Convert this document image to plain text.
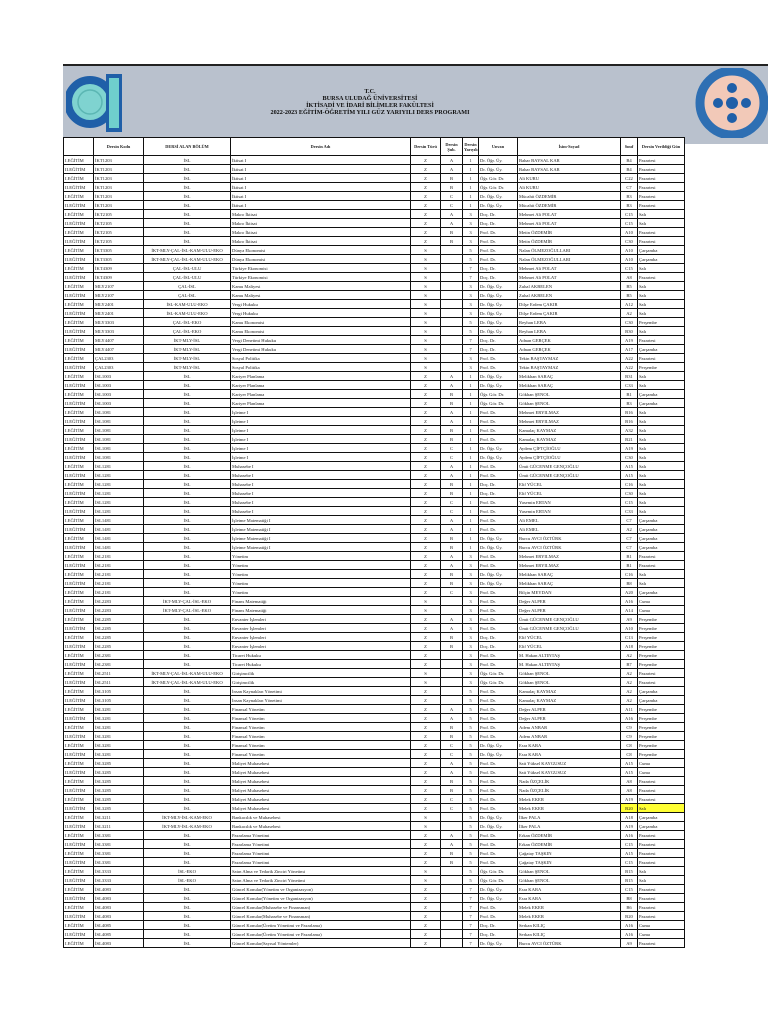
T.C.
BURSA ULUDAĞ ÜNİVERSİTESİ
İKTİSADİ VE İDARİ BİLİMLER FAKÜLTESİ
2022-2023 EĞİTİM-ÖĞRETİM YILI GÜZ YARIYILI DERS PROGRAMI
	Dersin Kodu	DERSİ ALAN BÖLÜM	Dersin Adı	Dersin Türü	Dersin Şub.	Dersin Yarıyılı	Unvan	İsim-Soyad	Sınıf	Dersin Verildiği Gün
I.EĞİTİM	İKT1203	İSL	İktisat I	Z	A	1	Dr. Öğr. Üy.	Bahar BAYSAL KAR	B4	Pazartesi
II.EĞİTİM	İKT1203	İSL	İktisat I	Z	A	1	Dr. Öğr. Üy.	Bahar BAYSAL KAR	B4	Pazartesi
I.EĞİTİM	İKT1203	İSL	İktisat I	Z	B	1	Öğr. Gör. Dr.	Ali KURU	C22	Pazartesi
II.EĞİTİM	İKT1203	İSL	İktisat I	Z	B	1	Öğr. Gör. Dr.	Ali KURU	C7	Pazartesi
I.EĞİTİM	İKT1203	İSL	İktisat I	Z	C	1	Dr. Öğr. Üy.	Mücahit ÖZDEMİR	B3	Pazartesi
II.EĞİTİM	İKT1203	İSL	İktisat I	Z	C	1	Dr. Öğr. Üy.	Mücahit ÖZDEMİR	B3	Pazartesi
I.EĞİTİM	İKT2105	İSL	Makro İktisat	Z	A	3	Doç. Dr.	Mehmet Ali POLAT	C15	Salı
II.EĞİTİM	İKT2105	İSL	Makro İktisat	Z	A	3	Doç. Dr.	Mehmet Ali POLAT	C15	Salı
I.EĞİTİM	İKT2105	İSL	Makro İktisat	Z	B	3	Prof. Dr.	Metin ÖZDEMİR	A10	Pazartesi
II.EĞİTİM	İKT2105	İSL	Makro İktisat	Z	B	3	Prof. Dr.	Metin ÖZDEMİR	C30	Pazartesi
I.EĞİTİM	İKT3305	İKT-MLY-ÇAL-İSL-KAM-ULU-EKO	Dünya Ekonomisi	S		5	Prof. Dr.	Nalan ÖLMEZOĞULLARI	A10	Çarşamba
II.EĞİTİM	İKT3305	İKT-MLY-ÇAL-İSL-KAM-ULU-EKO	Dünya Ekonomisi	S		5	Prof. Dr.	Nalan ÖLMEZOĞULLARI	A10	Çarşamba
I.EĞİTİM	İKT4309	ÇAL-İSL-ULU	Türkiye Ekonomisi	S		7	Doç. Dr.	Mehmet Ali POLAT	C15	Salı
II.EĞİTİM	İKT4309	ÇAL-İSL-ULU	Türkiye Ekonomisi	S		7	Doç. Dr.	Mehmet Ali POLAT	A8	Pazartesi
I.EĞİTİM	MLY2107	ÇAL-İSL	Kamu Maliyesi	S		3	Dr. Öğr. Üy.	Zuhal AKBELEN	B5	Salı
II.EĞİTİM	MLY2107	ÇAL-İSL	Kamu Maliyesi	S		3	Dr. Öğr. Üy.	Zuhal AKBELEN	B5	Salı
I.EĞİTİM	MLY2401	İSL-KAM-ULU-EKO	Vergi Hukuku	S		3	Dr. Öğr. Üy.	Dilşe Erdem ÇAKIR	A12	Salı
II.EĞİTİM	MLY2401	İSL-KAM-ULU-EKO	Vergi Hukuku	S		3	Dr. Öğr. Üy.	Dilşe Erdem ÇAKIR	A2	Salı
I.EĞİTİM	MLY3303	ÇAL-İSL-EKO	Kamu Ekonomisi	S		5	Dr. Öğr. Üy.	Reyhan LEBA	C30	Perşembe
II.EĞİTİM	MLY3303	ÇAL-İSL-EKO	Kamu Ekonomisi	S		5	Dr. Öğr. Üy.	Reyhan LEBA	B30	Salı
I.EĞİTİM	MLY4407	İKT-MLY-İSL	Vergi Denetimi Hukuku	S		7	Doç. Dr.	Adnan GERÇEK	A19	Pazartesi
II.EĞİTİM	MLY4407	İKT-MLY-İSL	Vergi Denetimi Hukuku	S		7	Doç. Dr.	Adnan GERÇEK	A17	Çarşamba
I.EĞİTİM	ÇAL2303	İKT-MLY-İSL	Sosyal Politika	S		3	Prof. Dr.	Tekin BAŞTAYMAZ	A22	Pazartesi
II.EĞİTİM	ÇAL2303	İKT-MLY-İSL	Sosyal Politika	S		3	Prof. Dr.	Tekin BAŞTAYMAZ	A22	Perşembe
I.EĞİTİM	İSL1003	İSL	Kariyer Planlama	Z	A	1	Dr. Öğr. Üy.	Melikhan SARAÇ	B31	Salı
II.EĞİTİM	İSL1003	İSL	Kariyer Planlama	Z	A	1	Dr. Öğr. Üy.	Melikhan SARAÇ	C33	Salı
I.EĞİTİM	İSL1003	İSL	Kariyer Planlama	Z	B	1	Öğr. Gör. Dr.	Gökhan ŞENOL	B1	Çarşamba
II.EĞİTİM	İSL1003	İSL	Kariyer Planlama	Z	B	1	Öğr. Gör. Dr.	Gökhan ŞENOL	B3	Çarşamba
I.EĞİTİM	İSL1081	İSL	İşletme I	Z	A	1	Prof. Dr.	Mehmet ERYILMAZ	B16	Salı
II.EĞİTİM	İSL1081	İSL	İşletme I	Z	A	1	Prof. Dr.	Mehmet ERYILMAZ	B16	Salı
I.EĞİTİM	İSL1081	İSL	İşletme I	Z	B	1	Prof. Dr.	Kamalaç KAYMAZ	A32	Salı
II.EĞİTİM	İSL1081	İSL	İşletme I	Z	B	1	Prof. Dr.	Kamalaç KAYMAZ	B21	Salı
I.EĞİTİM	İSL1081	İSL	İşletme I	Z	C	1	Dr. Öğr. Üy.	Aydem ÇİFTÇİOĞLU	A19	Salı
II.EĞİTİM	İSL1081	İSL	İşletme I	Z	C	1	Dr. Öğr. Üy.	Aydem ÇİFTÇİOĞLU	C30	Salı
I.EĞİTİM	İSL1281	İSL	Muhasebe I	Z	A	1	Prof. Dr.	Ümit GÜCENME GENÇOĞLU	A15	Salı
II.EĞİTİM	İSL1281	İSL	Muhasebe I	Z	A	1	Prof. Dr.	Ümit GÜCENME GENÇOĞLU	A15	Salı
I.EĞİTİM	İSL1281	İSL	Muhasebe I	Z	B	1	Doç. Dr.	Elif YÜCEL	C16	Salı
II.EĞİTİM	İSL1281	İSL	Muhasebe I	Z	B	1	Doç. Dr.	Elif YÜCEL	C30	Salı
I.EĞİTİM	İSL1281	İSL	Muhasebe I	Z	C	1	Prof. Dr.	Yasemin ERTAN	C15	Salı
II.EĞİTİM	İSL1281	İSL	Muhasebe I	Z	C	1	Prof. Dr.	Yasemin ERTAN	C33	Salı
I.EĞİTİM	İSL1481	İSL	İşletme Matematiği I	Z	A	1	Prof. Dr.	Ali EMEL	C7	Çarşamba
II.EĞİTİM	İSL1481	İSL	İşletme Matematiği I	Z	A	1	Prof. Dr.	Ali EMEL	A2	Çarşamba
I.EĞİTİM	İSL1481	İSL	İşletme Matematiği I	Z	B	1	Dr. Öğr. Üy.	Burcu AVCI ÖZTÜRK	C7	Çarşamba
II.EĞİTİM	İSL1481	İSL	İşletme Matematiği I	Z	B	1	Dr. Öğr. Üy.	Burcu AVCI ÖZTÜRK	C7	Çarşamba
I.EĞİTİM	İSL2181	İSL	Yönetim	Z	A	3	Prof. Dr.	Mehmet ERYILMAZ	B1	Pazartesi
II.EĞİTİM	İSL2181	İSL	Yönetim	Z	A	3	Prof. Dr.	Mehmet ERYILMAZ	B1	Pazartesi
I.EĞİTİM	İSL2181	İSL	Yönetim	Z	B	3	Dr. Öğr. Üy.	Melikhan SARAÇ	C16	Salı
II.EĞİTİM	İSL2181	İSL	Yönetim	Z	B	3	Dr. Öğr. Üy.	Melikhan SARAÇ	B8	Salı
I.EĞİTİM	İSL2181	İSL	Yönetim	Z	C	3	Prof. Dr.	Bilçin MEYDAN	A20	Çarşamba
I.EĞİTİM	İSL2283	İKT-MLY-ÇAL-İSL-EKO	Finans Matematiği	S		3	Prof. Dr.	Değer ALPER	A16	Cuma
II.EĞİTİM	İSL2283	İKT-MLY-ÇAL-İSL-EKO	Finans Matematiği	S		3	Prof. Dr.	Değer ALPER	A14	Cuma
I.EĞİTİM	İSL2285	İSL	Envanter İşlemleri	Z	A	3	Prof. Dr.	Ümit GÜCENME GENÇOĞLU	A9	Perşembe
II.EĞİTİM	İSL2285	İSL	Envanter İşlemleri	Z	A	3	Prof. Dr.	Ümit GÜCENME GENÇOĞLU	A10	Perşembe
I.EĞİTİM	İSL2285	İSL	Envanter İşlemleri	Z	B	3	Doç. Dr.	Elif YÜCEL	C13	Perşembe
II.EĞİTİM	İSL2285	İSL	Envanter İşlemleri	Z	B	3	Doç. Dr.	Elif YÜCEL	A18	Perşembe
I.EĞİTİM	İSL2381	İSL	Ticaret Hukuku	Z		3	Prof. Dr.	M. Hakan ALTINTAŞ	A2	Perşembe
II.EĞİTİM	İSL2381	İSL	Ticaret Hukuku	Z		3	Prof. Dr.	M. Hakan ALTINTAŞ	B7	Perşembe
I.EĞİTİM	İSL2511	İKT-MLY-ÇAL-İSL-KAM-ULU-EKO	Girişimcilik	S		3	Öğr. Gör. Dr.	Gökhan ŞENOL	A2	Pazartesi
II.EĞİTİM	İSL2511	İKT-MLY-ÇAL-İSL-KAM-ULU-EKO	Girişimcilik	S		3	Öğr. Gör. Dr.	Gökhan ŞENOL	A2	Pazartesi
I.EĞİTİM	İSL3105	İSL	İnsan Kaynakları Yönetimi	Z		5	Prof. Dr.	Kamalaç KAYMAZ	A2	Çarşamba
II.EĞİTİM	İSL3105	İSL	İnsan Kaynakları Yönetimi	Z		5	Prof. Dr.	Kamalaç KAYMAZ	A2	Çarşamba
I.EĞİTİM	İSL3281	İSL	Finansal Yönetim	Z	A	5	Prof. Dr.	Değer ALPER	A11	Perşembe
II.EĞİTİM	İSL3281	İSL	Finansal Yönetim	Z	A	5	Prof. Dr.	Değer ALPER	A16	Perşembe
I.EĞİTİM	İSL3281	İSL	Finansal Yönetim	Z	B	5	Prof. Dr.	Adem ANBAR	C9	Perşembe
II.EĞİTİM	İSL3281	İSL	Finansal Yönetim	Z	B	5	Prof. Dr.	Adem ANBAR	C9	Perşembe
I.EĞİTİM	İSL3281	İSL	Finansal Yönetim	Z	C	5	Dr. Öğr. Üy.	Esra KARA	C8	Perşembe
II.EĞİTİM	İSL3281	İSL	Finansal Yönetim	Z	C	5	Dr. Öğr. Üy.	Esra KARA	C8	Perşembe
I.EĞİTİM	İSL3285	İSL	Maliyet Muhasebesi	Z	A	5	Prof. Dr.	Sait Yüksel KAYGUSUZ	A15	Cuma
II.EĞİTİM	İSL3285	İSL	Maliyet Muhasebesi	Z	A	5	Prof. Dr.	Sait Yüksel KAYGUSUZ	A15	Cuma
I.EĞİTİM	İSL3285	İSL	Maliyet Muhasebesi	Z	B	5	Prof. Dr.	Nada ÖZÇELİK	A8	Pazartesi
II.EĞİTİM	İSL3285	İSL	Maliyet Muhasebesi	Z	B	5	Prof. Dr.	Nada ÖZÇELİK	A8	Pazartesi
I.EĞİTİM	İSL3285	İSL	Maliyet Muhasebesi	Z	C	5	Prof. Dr.	Melek EKER	A19	Pazartesi
II.EĞİTİM	İSL3285	İSL	Maliyet Muhasebesi	Z	C	5	Prof. Dr.	Melek EKER	B20	Salı
I.EĞİTİM	İSL3211	İKT-MLY-İSL-KAM-EKO	Bankacılık ve Muhasebesi	S		5	Dr. Öğr. Üy.	İlker PALA	A18	Çarşamba
II.EĞİTİM	İSL3211	İKT-MLY-İSL-KAM-EKO	Bankacılık ve Muhasebesi	S		5	Dr. Öğr. Üy.	İlker PALA	A19	Çarşamba
I.EĞİTİM	İSL3381	İSL	Pazarlama Yönetimi	Z	A	5	Prof. Dr.	Erkan ÖZDEMİR	A16	Pazartesi
II.EĞİTİM	İSL3381	İSL	Pazarlama Yönetimi	Z	A	5	Prof. Dr.	Erkan ÖZDEMİR	C15	Pazartesi
I.EĞİTİM	İSL3381	İSL	Pazarlama Yönetimi	Z	B	5	Prof. Dr.	Çağatay TAŞKIN	A15	Pazartesi
II.EĞİTİM	İSL3381	İSL	Pazarlama Yönetimi	Z	B	5	Prof. Dr.	Çağatay TAŞKIN	C15	Pazartesi
I.EĞİTİM	İSL3333	İSL-EKO	Satın Alma ve Tedarik Zinciri Yönetimi	S		5	Öğr. Gör. Dr.	Gökhan ŞENOL	B15	Salı
II.EĞİTİM	İSL3333	İSL-EKO	Satın Alma ve Tedarik Zinciri Yönetimi	S		5	Öğr. Gör. Dr.	Gökhan ŞENOL	B15	Salı
I.EĞİTİM	İSL4083	İSL	Güncel Konular(Yönetim ve Organizasyon)	Z		7	Dr. Öğr. Üy.	Esra KARA	C15	Pazartesi
II.EĞİTİM	İSL4083	İSL	Güncel Konular(Yönetim ve Organizasyon)	Z		7	Dr. Öğr. Üy.	Esra KARA	B8	Pazartesi
I.EĞİTİM	İSL4083	İSL	Güncel Konular(Muhasebe ve Finansman)	Z		7	Prof. Dr.	Melek EKER	B6	Pazartesi
II.EĞİTİM	İSL4083	İSL	Güncel Konular(Muhasebe ve Finansman)	Z		7	Prof. Dr.	Melek EKER	B20	Pazartesi
I.EĞİTİM	İSL4085	İSL	Güncel Konular(Üretim Yönetimi ve Pazarlama)	Z		7	Doç. Dr.	Serkan KILIÇ	A16	Cuma
II.EĞİTİM	İSL4085	İSL	Güncel Konular(Üretim Yönetimi ve Pazarlama)	Z		7	Doç. Dr.	Serkan KILIÇ	A16	Cuma
I.EĞİTİM	İSL4083	İSL	Güncel Konular(Sayısal Yöntemler)	Z		7	Dr. Öğr. Üy.	Burcu AVCI ÖZTÜRK	A9	Pazartesi
